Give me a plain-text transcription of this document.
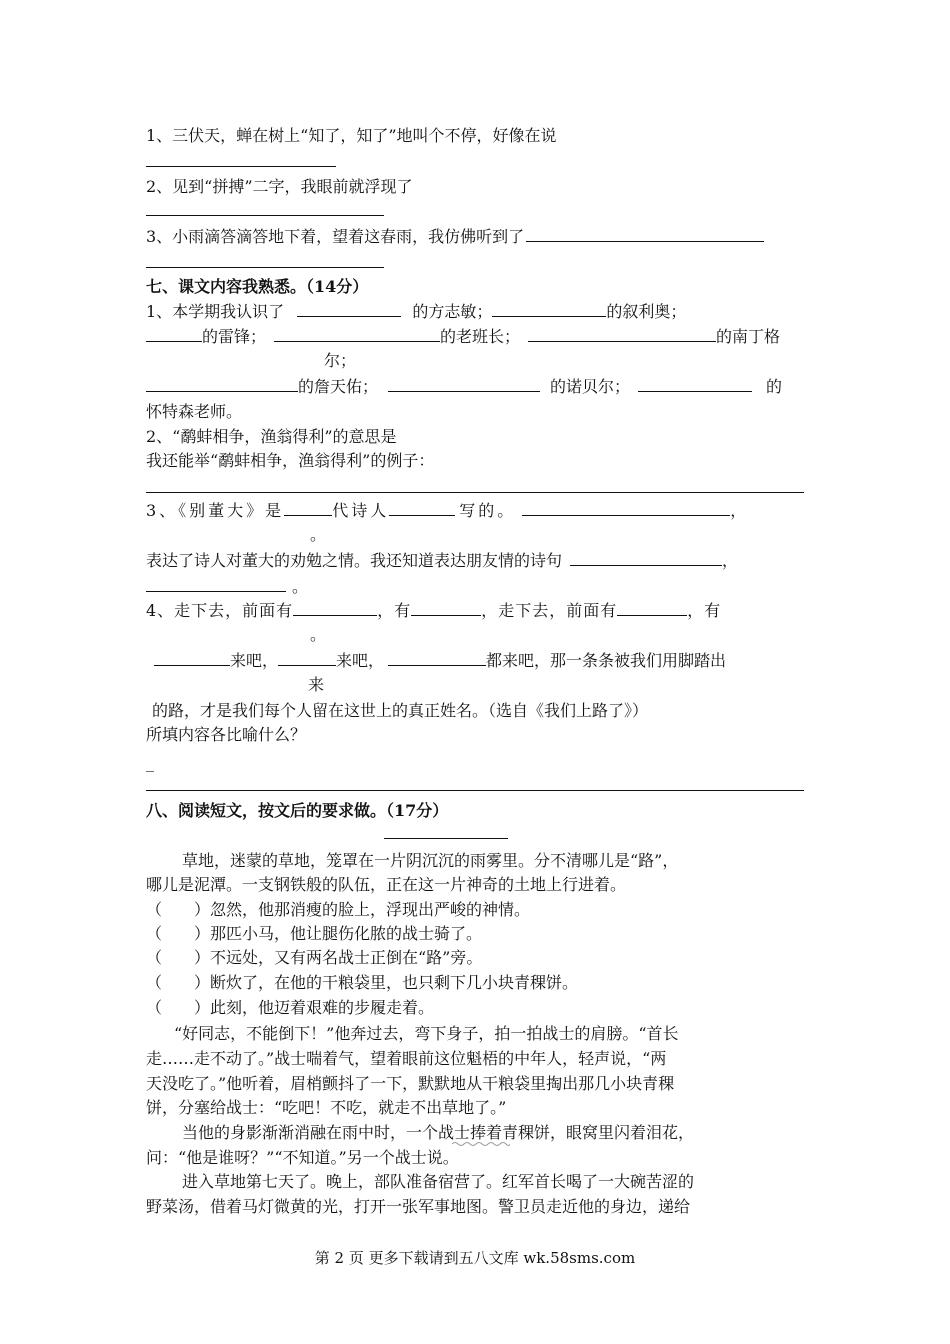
1、三伏天，蝉在树上“知了，知了”地叫个不停，好像在说
2、见到“拼搏”二字，我眼前就浮现了
3、小雨滴答滴答地下着，望着这春雨，我仿佛听到了
七、课文内容我熟悉。（14分）
1、本学期我认识了	的方志敏；	的叙利奥；
的雷锋；	的老班长；	的南丁格
尔；
的詹天佑；	的诺贝尔；	的
怀特森老师。
2、“鹬蚌相争，渔翁得利”的意思是
我还能举“鹬蚌相争，渔翁得利”的例子：
3、《别董大》是	代诗人	写的。	，
。
表达了诗人对董大的劝勉之情。我还知道表达朋友情的诗句	，
。
4、走下去，前面有	，有	，走下去，前面有	，有
。
来吧，	来吧，	都来吧，那一条条被我们用脚踏出
来
的路，才是我们每个人留在这世上的真正姓名。（选自《我们上路了》）
所填内容各比喻什么？
_
八、阅读短文，按文后的要求做。（17分）
草地，迷蒙的草地，笼罩在一片阴沉沉的雨雾里。分不清哪儿是“路”，
哪儿是泥潭。一支钢铁般的队伍，正在这一片神奇的土地上行进着。
（　　）忽然，他那消瘦的脸上，浮现出严峻的神情。
（　　）那匹小马，他让腿伤化脓的战士骑了。
（　　）不远处，又有两名战士正倒在“路”旁。
（　　）断炊了，在他的干粮袋里，也只剩下几小块青稞饼。
（　　）此刻，他迈着艰难的步履走着。
“好同志，不能倒下！”他奔过去，弯下身子，拍一拍战士的肩膀。“首长
走……走不动了。”战士喘着气，望着眼前这位魁梧的中年人，轻声说，“两
天没吃了。”他听着，眉梢颤抖了一下，默默地从干粮袋里掏出那几小块青稞
饼，分塞给战士：“吃吧！不吃，就走不出草地了。”
当他的身影渐渐消融在雨中时，一个战士捧着青稞饼，眼窝里闪着泪花，
问：“他是谁呀？”“不知道。”另一个战士说。
进入草地第七天了。晚上，部队准备宿营了。红军首长喝了一大碗苦涩的
野菜汤，借着马灯微黄的光，打开一张军事地图。警卫员走近他的身边，递给
第 2 页 更多下载请到五八文库 wk.58sms.com
